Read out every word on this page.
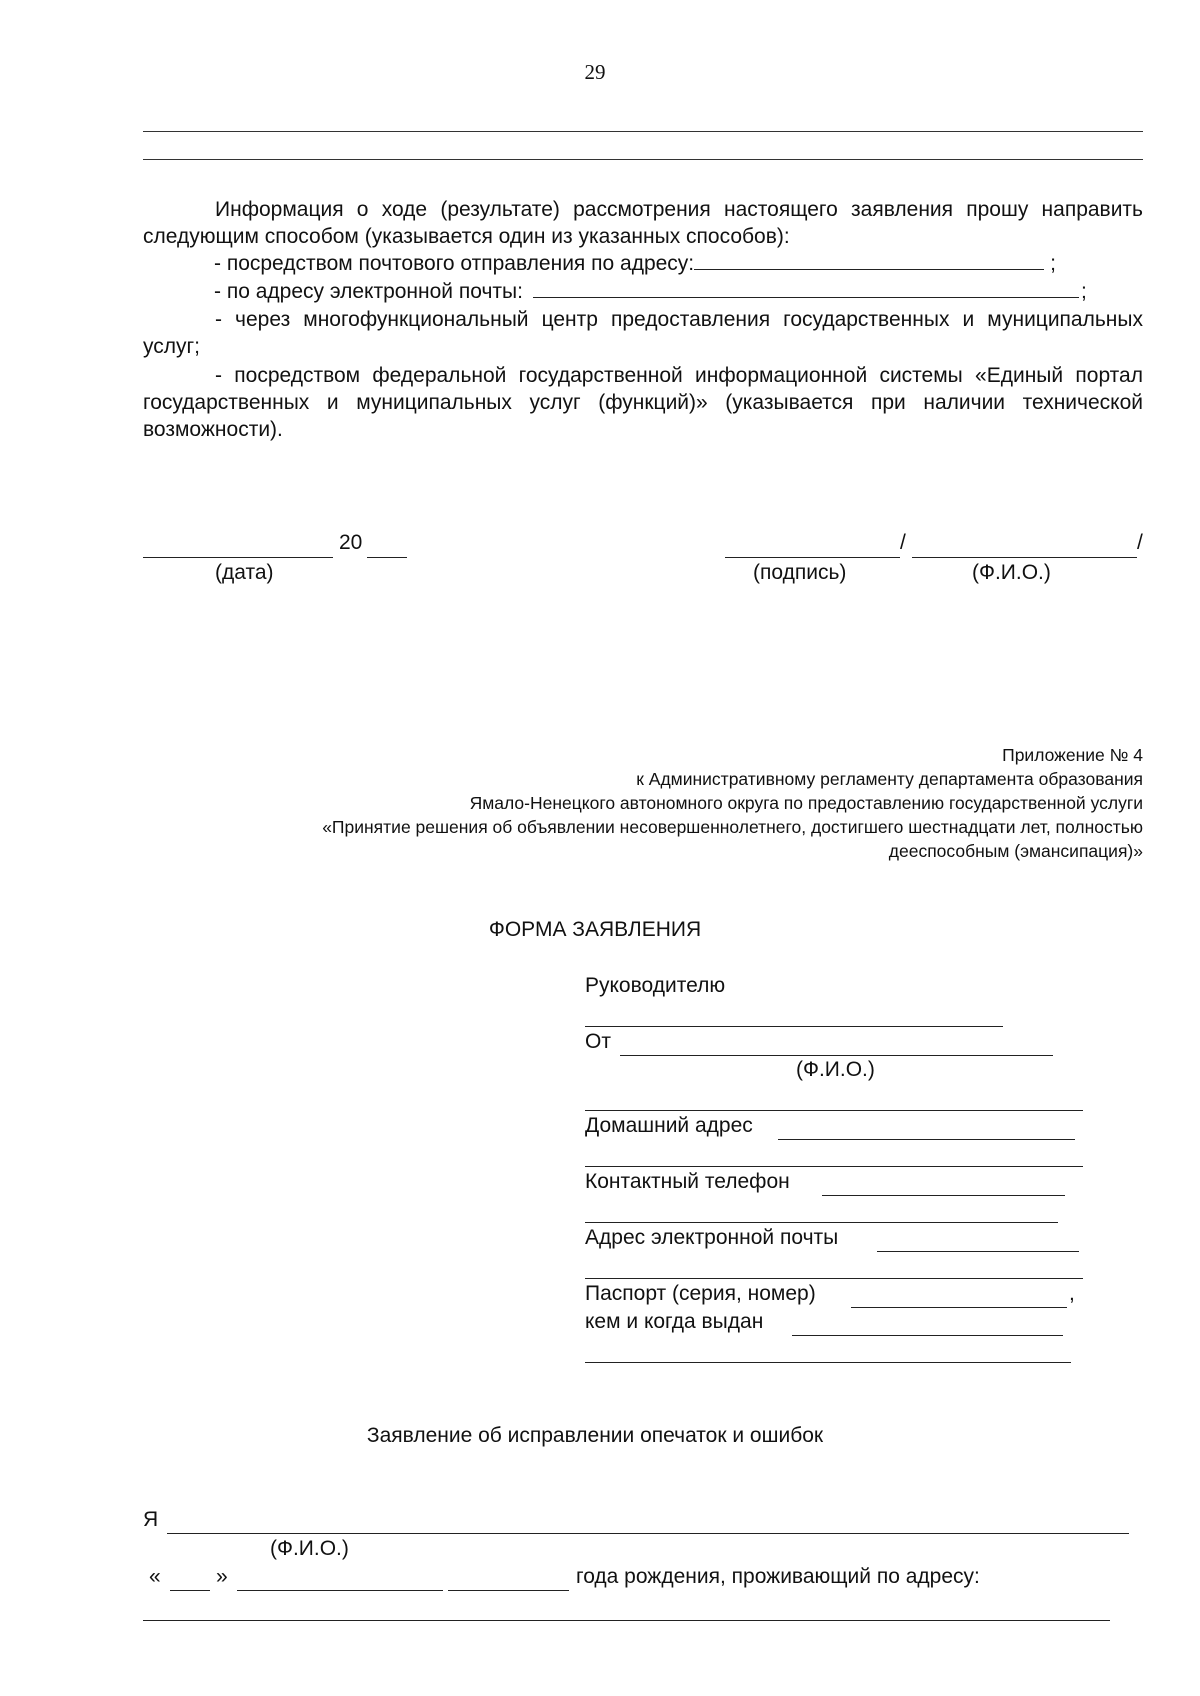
29

Информация о ходе (результате) рассмотрения настоящего заявления прошу направить следующим способом (указывается один из указанных способов):

- посредством почтового отправления по адресу:	;
- по адресу электронной почты:	;

- через многофункциональный центр предоставления государственных и муниципальных услуг;

- посредством федеральной государственной информационной системы «Единый портал государственных и муниципальных услуг (функций)» (указывается при наличии технической возможности).

20
(дата)
/	/
(подпись)	(Ф.И.О.)
Приложение № 4
к Административному регламенту департамента образования
Ямало-Ненецкого автономного округа по предоставлению государственной услуги
«Принятие решения об объявлении несовершеннолетнего, достигшего шестнадцати лет, полностью
дееспособным (эмансипация)»
ФОРМА ЗАЯВЛЕНИЯ
Руководителю
От
(Ф.И.О.)
Домашний адрес
Контактный телефон
Адрес электронной почты
Паспорт (серия, номер)	,
кем и когда выдан
Заявление об исправлении опечаток и ошибок
Я
(Ф.И.О.)
«	»	года рождения, проживающий по адресу:
